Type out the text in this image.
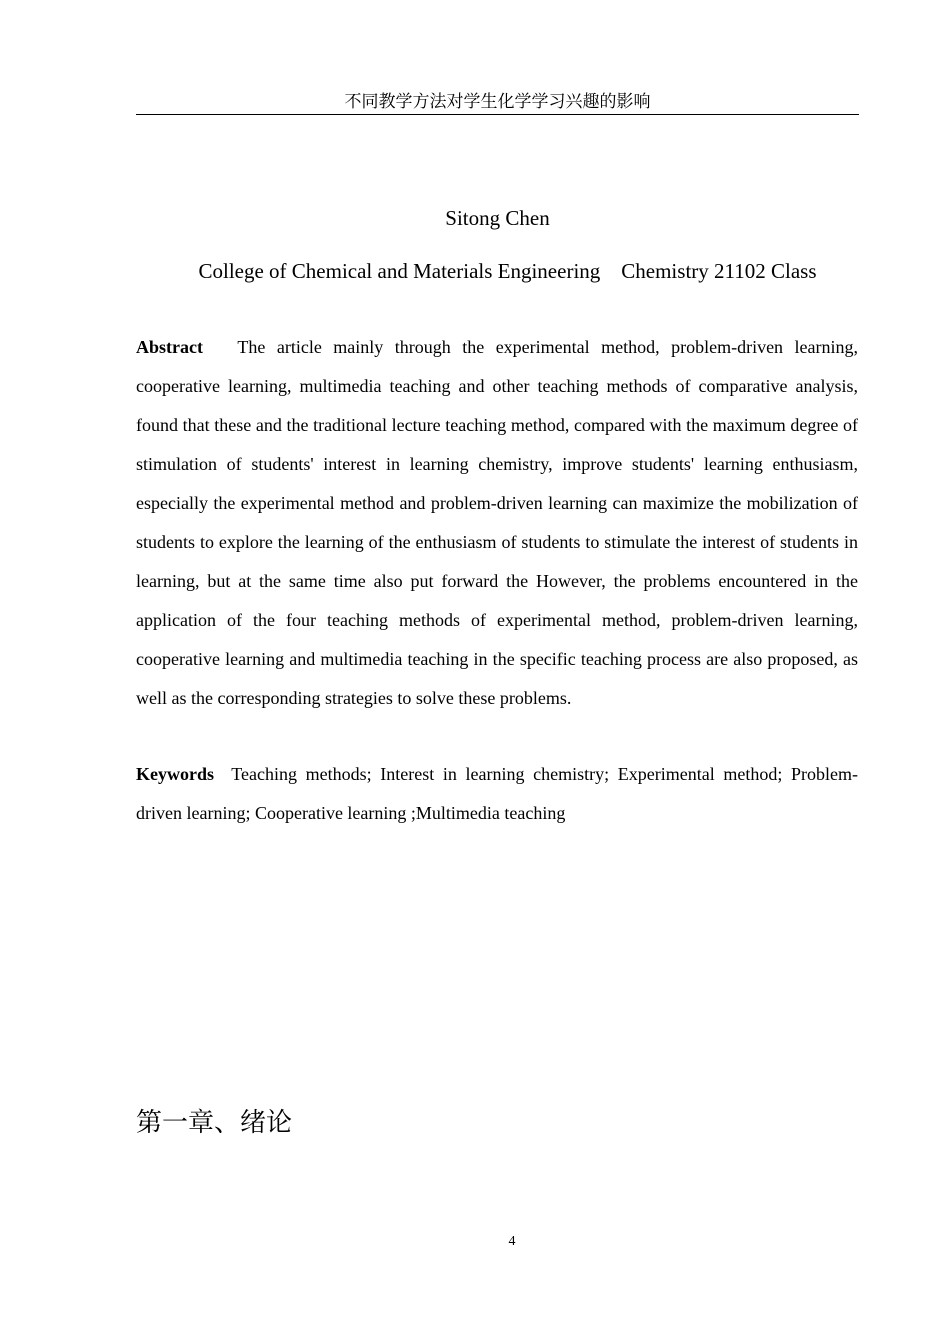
不同教学方法对学生化学学习兴趣的影响
Sitong Chen
College of Chemical and Materials Engineering    Chemistry 21102 Class

Abstract The article mainly through the experimental method, problem-driven learning, cooperative learning, multimedia teaching and other teaching methods of comparative analysis, found that these and the traditional lecture teaching method, compared with the maximum degree of stimulation of students' interest in learning chemistry, improve students' learning enthusiasm, especially the experimental method and problem-driven learning can maximize the mobilization of students to explore the learning of the enthusiasm of students to stimulate the interest of students in learning, but at the same time also put forward the However, the problems encountered in the application of the four teaching methods of experimental method, problem-driven learning, cooperative learning and multimedia teaching in the specific teaching process are also proposed, as well as the corresponding strategies to solve these problems.

Keywords Teaching methods; Interest in learning chemistry; Experimental method; Problem-driven learning; Cooperative learning ;Multimedia teaching

第一章、绪论
4
